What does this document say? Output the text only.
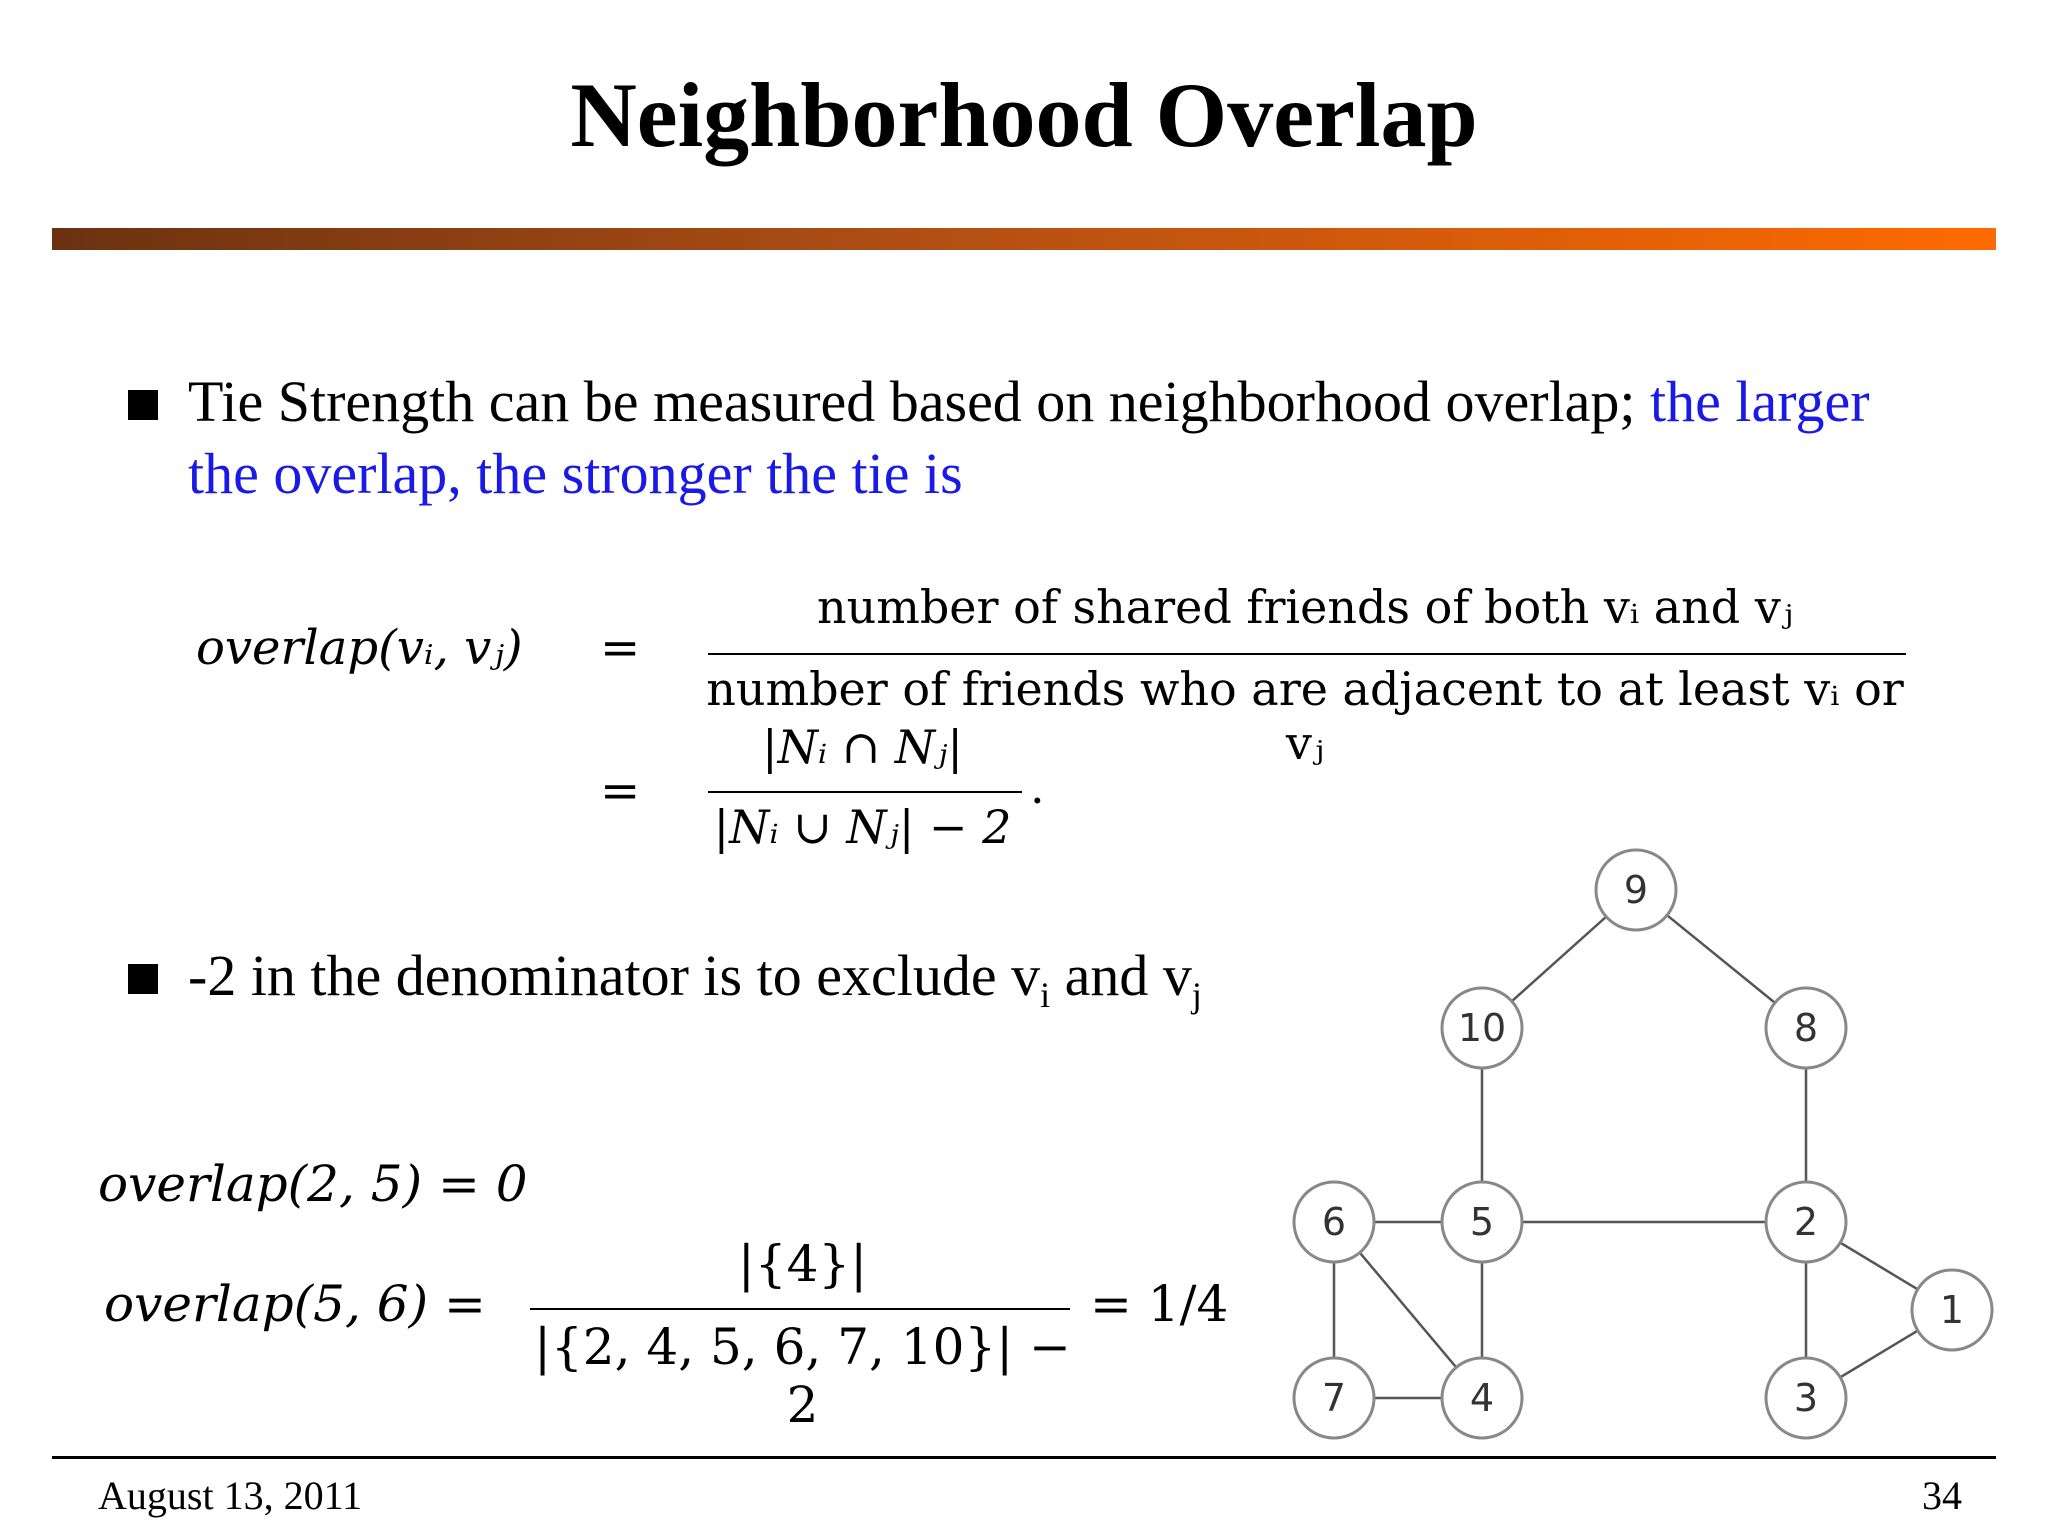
Neighborhood Overlap
Tie Strength can be measured based on neighborhood overlap; the larger the overlap, the stronger the tie is
overlap(vᵢ, vⱼ) =
number of shared friends of both vᵢ and vⱼ
number of friends who are adjacent to at least vᵢ or vⱼ
=
|Nᵢ ∩ Nⱼ|
|Nᵢ ∪ Nⱼ| − 2
.
-2 in the denominator is to exclude $v_i$ and $v_j$
overlap(2, 5) = 0
overlap(5, 6) =
|{4}|
|{2, 4, 5, 6, 7, 10}| − 2
= 1/4
9
10	8
6	5	2
1
7	4	3
August 13, 2011	34
